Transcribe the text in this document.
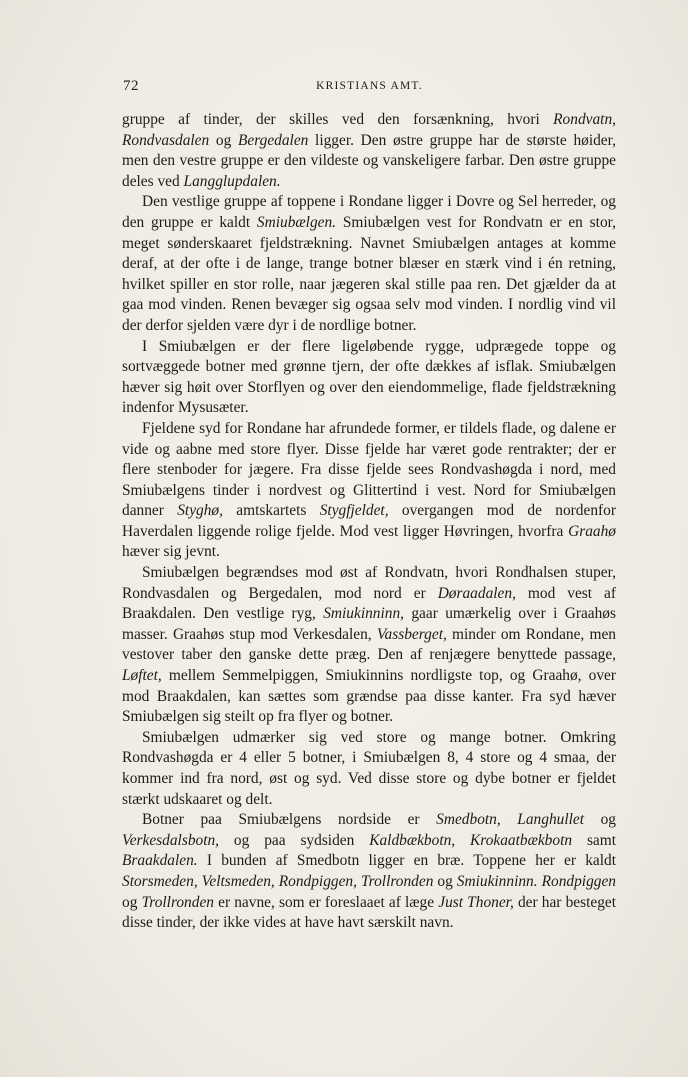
72	KRISTIANS AMT.

gruppe af tinder, der skilles ved den forsænkning, hvori Rondvatn, Rondvasdalen og Bergedalen ligger. Den østre gruppe har de største høider, men den vestre gruppe er den vildeste og vanskeligere farbar. Den østre gruppe deles ved Langglupdalen.

Den vestlige gruppe af toppene i Rondane ligger i Dovre og Sel herreder, og den gruppe er kaldt Smiubælgen. Smiubælgen vest for Rondvatn er en stor, meget sønderskaaret fjeldstrækning. Navnet Smiubælgen antages at komme deraf, at der ofte i de lange, trange botner blæser en stærk vind i én retning, hvilket spiller en stor rolle, naar jægeren skal stille paa ren. Det gjælder da at gaa mod vinden. Renen bevæger sig ogsaa selv mod vinden. I nordlig vind vil der derfor sjelden være dyr i de nordlige botner.

I Smiubælgen er der flere ligeløbende rygge, udprægede toppe og sortvæggede botner med grønne tjern, der ofte dækkes af isflak. Smiubælgen hæver sig høit over Storflyen og over den eiendommelige, flade fjeldstrækning indenfor Mysusæter.

Fjeldene syd for Rondane har afrundede former, er tildels flade, og dalene er vide og aabne med store flyer. Disse fjelde har været gode rentrakter; der er flere stenboder for jægere. Fra disse fjelde sees Rondvashøgda i nord, med Smiubælgens tinder i nordvest og Glittertind i vest. Nord for Smiubælgen danner Styghø, amtskartets Stygfjeldet, overgangen mod de nordenfor Haverdalen liggende rolige fjelde. Mod vest ligger Høvringen, hvorfra Graahø hæver sig jevnt.

Smiubælgen begrændses mod øst af Rondvatn, hvori Rondhalsen stuper, Rondvasdalen og Bergedalen, mod nord er Døraadalen, mod vest af Braakdalen. Den vestlige ryg, Smiukinninn, gaar umærkelig over i Graahøs masser. Graahøs stup mod Verkesdalen, Vassberget, minder om Rondane, men vestover taber den ganske dette præg. Den af renjægere benyttede passage, Løftet, mellem Semmelpiggen, Smiukinnins nordligste top, og Graahø, over mod Braakdalen, kan sættes som grændse paa disse kanter. Fra syd hæver Smiubælgen sig steilt op fra flyer og botner.

Smiubælgen udmærker sig ved store og mange botner. Omkring Rondvashøgda er 4 eller 5 botner, i Smiubælgen 8, 4 store og 4 smaa, der kommer ind fra nord, øst og syd. Ved disse store og dybe botner er fjeldet stærkt udskaaret og delt.

Botner paa Smiubælgens nordside er Smedbotn, Langhullet og Verkesdalsbotn, og paa sydsiden Kaldbækbotn, Krokaatbækbotn samt Braakdalen. I bunden af Smedbotn ligger en bræ. Toppene her er kaldt Storsmeden, Veltsmeden, Rondpiggen, Trollronden og Smiukinninn. Rondpiggen og Trollronden er navne, som er foreslaaet af læge Just Thoner, der har besteget disse tinder, der ikke vides at have havt særskilt navn.
